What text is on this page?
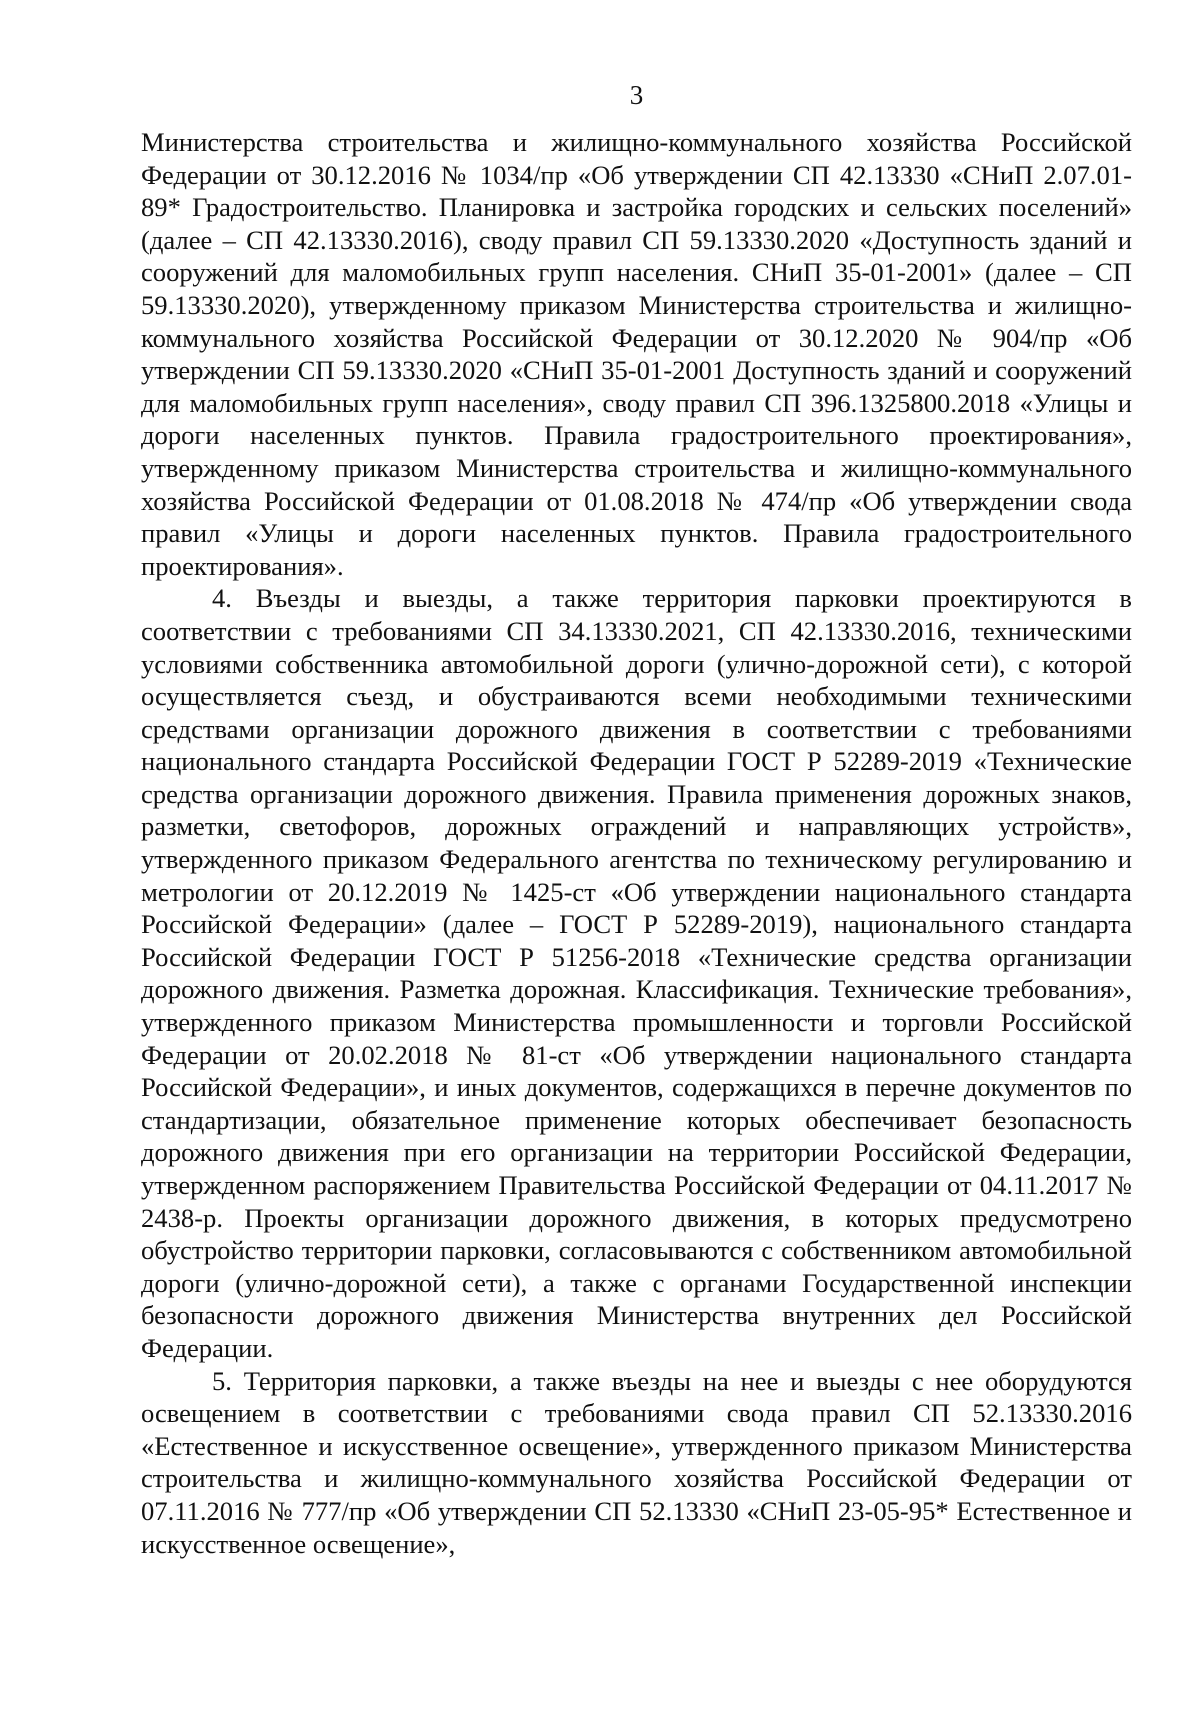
3

Министерства строительства и жилищно-коммунального хозяйства Российской Федерации от 30.12.2016 № 1034/пр «Об утверждении СП 42.13330 «СНиП 2.07.01-89* Градостроительство. Планировка и застройка городских и сельских поселений» (далее – СП 42.13330.2016), своду правил СП 59.13330.2020 «Доступность зданий и сооружений для маломобильных групп населения. СНиП 35-01-2001» (далее – СП 59.13330.2020), утвержденному приказом Министерства строительства и жилищно-коммунального хозяйства Российской Федерации от 30.12.2020 № 904/пр «Об утверждении СП 59.13330.2020 «СНиП 35-01-2001 Доступность зданий и сооружений для маломобильных групп населения», своду правил СП 396.1325800.2018 «Улицы и дороги населенных пунктов. Правила градостроительного проектирования», утвержденному приказом Министерства строительства и жилищно-коммунального хозяйства Российской Федерации от 01.08.2018 № 474/пр «Об утверждении свода правил «Улицы и дороги населенных пунктов. Правила градостроительного проектирования».

4. Въезды и выезды, а также территория парковки проектируются в соответствии с требованиями СП 34.13330.2021, СП 42.13330.2016, техническими условиями собственника автомобильной дороги (улично-дорожной сети), с которой осуществляется съезд, и обустраиваются всеми необходимыми техническими средствами организации дорожного движения в соответствии с требованиями национального стандарта Российской Федерации ГОСТ Р 52289-2019 «Технические средства организации дорожного движения. Правила применения дорожных знаков, разметки, светофоров, дорожных ограждений и направляющих устройств», утвержденного приказом Федерального агентства по техническому регулированию и метрологии от 20.12.2019 № 1425-ст «Об утверждении национального стандарта Российской Федерации» (далее – ГОСТ Р 52289-2019), национального стандарта Российской Федерации ГОСТ Р 51256-2018 «Технические средства организации дорожного движения. Разметка дорожная. Классификация. Технические требования», утвержденного приказом Министерства промышленности и торговли Российской Федерации от 20.02.2018 № 81-ст «Об утверждении национального стандарта Российской Федерации», и иных документов, содержащихся в перечне документов по стандартизации, обязательное применение которых обеспечивает безопасность дорожного движения при его организации на территории Российской Федерации, утвержденном распоряжением Правительства Российской Федерации от 04.11.2017 № 2438-р. Проекты организации дорожного движения, в которых предусмотрено обустройство территории парковки, согласовываются с собственником автомобильной дороги (улично-дорожной сети), а также с органами Государственной инспекции безопасности дорожного движения Министерства внутренних дел Российской Федерации.

5. Территория парковки, а также въезды на нее и выезды с нее оборудуются освещением в соответствии с требованиями свода правил СП 52.13330.2016 «Естественное и искусственное освещение», утвержденного приказом Министерства строительства и жилищно-коммунального хозяйства Российской Федерации от 07.11.2016 № 777/пр «Об утверждении СП 52.13330 «СНиП 23-05-95* Естественное и искусственное освещение»,
